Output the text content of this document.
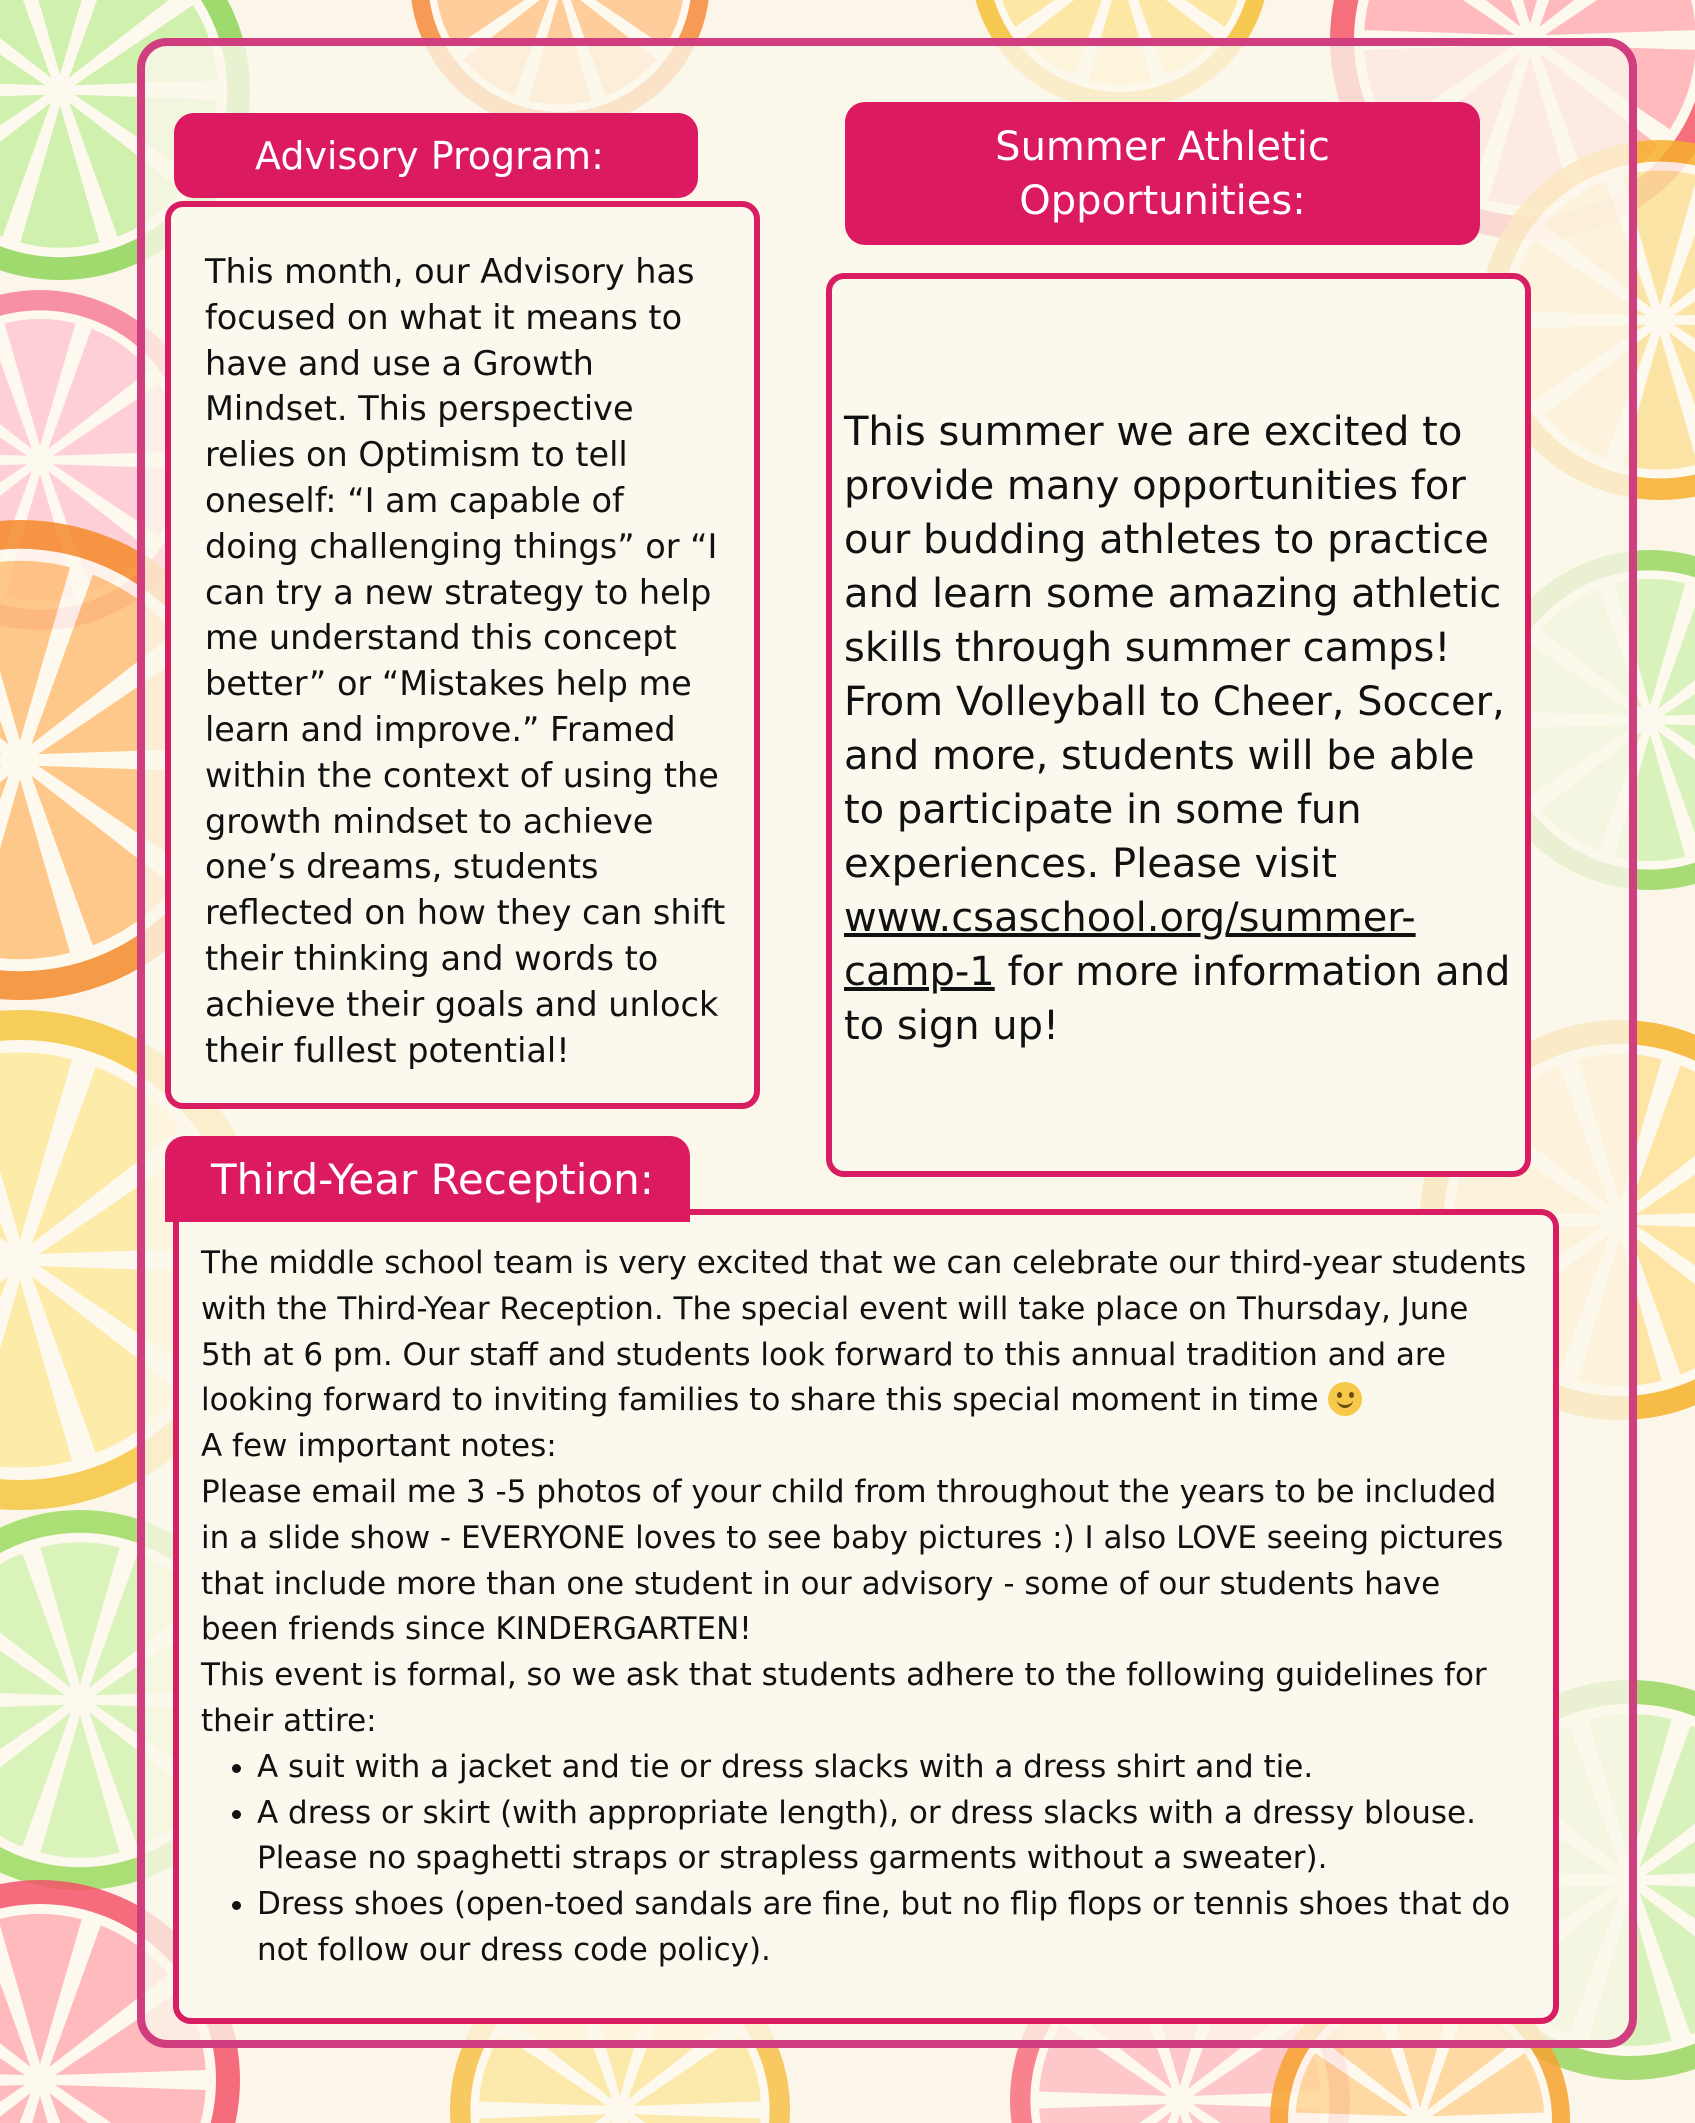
Advisory Program:
This month, our Advisory has focused on what it means to have and use a Growth Mindset. This perspective relies on Optimism to tell oneself: “I am capable of doing challenging things” or “I can try a new strategy to help me understand this concept better” or “Mistakes help me learn and improve.” Framed within the context of using the growth mindset to achieve one’s dreams, students reflected on how they can shift their thinking and words to achieve their goals and unlock their fullest potential!
Summer Athletic Opportunities:
This summer we are excited to provide many opportunities for our budding athletes to practice and learn some amazing athletic skills through summer camps! From Volleyball to Cheer, Soccer, and more, students will be able to participate in some fun experiences. Please visit www.csaschool.org/summer-camp-1 for more information and to sign up!
Third-Year Reception:

The middle school team is very excited that we can celebrate our third-year students

with the Third-Year Reception. The special event will take place on Thursday, June

5th at 6 pm. Our staff and students look forward to this annual tradition and are

looking forward to inviting families to share this special moment in time

A few important notes:

Please email me 3 -5 photos of your child from throughout the years to be included

in a slide show - EVERYONE loves to see baby pictures :) I also LOVE seeing pictures

that include more than one student in our advisory - some of our students have

been friends since KINDERGARTEN!

This event is formal, so we ask that students adhere to the following guidelines for

their attire:

• A suit with a jacket and tie or dress slacks with a dress shirt and tie.
• A dress or skirt (with appropriate length), or dress slacks with a dressy blouse.
Please no spaghetti straps or strapless garments without a sweater).
• Dress shoes (open-toed sandals are fine, but no flip flops or tennis shoes that do
not follow our dress code policy).
